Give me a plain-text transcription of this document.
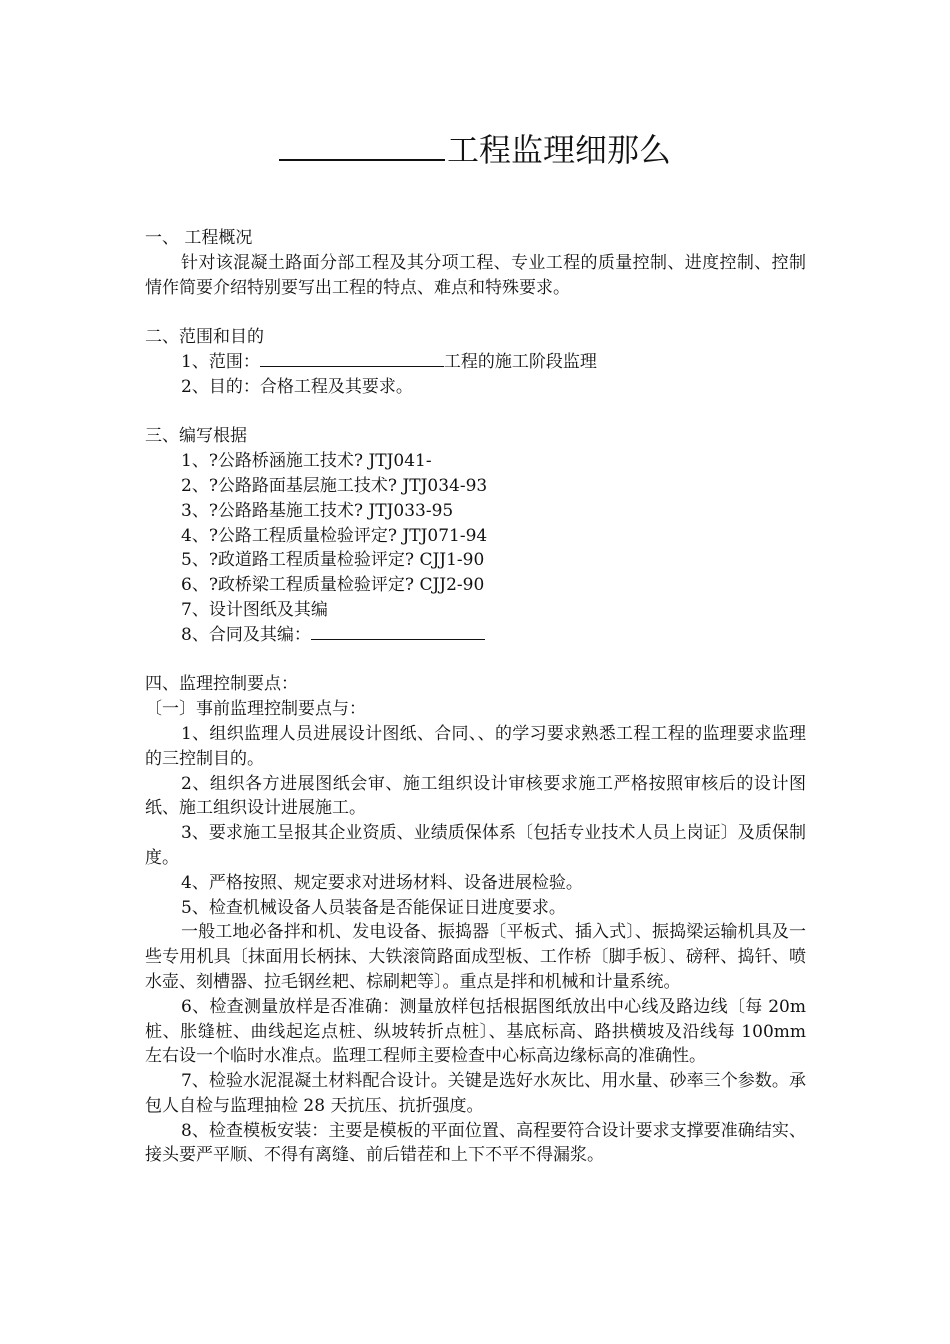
工程监理细那么
一、 工程概况
针对该混凝土路面分部工程及其分项工程、专业工程的质量控制、进度控制、控制情作简要介绍特别要写出工程的特点、难点和特殊要求。
二、范围和目的
1、范围：	工程的施工阶段监理
2、目的：合格工程及其要求。
三、编写根据
1、?公路桥涵施工技术? JTJ041-
2、?公路路面基层施工技术? JTJ034-93
3、?公路路基施工技术? JTJ033-95
4、?公路工程质量检验评定? JTJ071-94
5、?政道路工程质量检验评定? CJJ1-90
6、?政桥梁工程质量检验评定? CJJ2-90
7、设计图纸及其编
8、合同及其编：
四、监理控制要点：
〔一〕事前监理控制要点与：
1、组织监理人员进展设计图纸、合同、、的学习要求熟悉工程工程的监理要求监理的三控制目的。
2、组织各方进展图纸会审、施工组织设计审核要求施工严格按照审核后的设计图纸、施工组织设计进展施工。
3、要求施工呈报其企业资质、业绩质保体系〔包括专业技术人员上岗证〕及质保制度。
4、严格按照、规定要求对进场材料、设备进展检验。
5、检查机械设备人员装备是否能保证日进度要求。
一般工地必备拌和机、发电设备、振捣器〔平板式、插入式〕、振捣梁运输机具及一些专用机具〔抹面用长柄抹、大铁滚筒路面成型板、工作桥〔脚手板〕、磅秤、捣钎、喷水壶、刻槽器、拉毛钢丝耙、棕刷耙等〕。重点是拌和机械和计量系统。
6、检查测量放样是否准确：测量放样包括根据图纸放出中心线及路边线〔每 20m 桩、胀缝桩、曲线起迄点桩、纵坡转折点桩〕、基底标高、路拱横坡及沿线每 100mm 左右设一个临时水准点。监理工程师主要检查中心标高边缘标高的准确性。
7、检验水泥混凝土材料配合设计。关键是选好水灰比、用水量、砂率三个参数。承包人自检与监理抽检 28 天抗压、抗折强度。
8、检查模板安装：主要是模板的平面位置、高程要符合设计要求支撑要准确结实、接头要严平顺、不得有离缝、前后错茬和上下不平不得漏浆。
